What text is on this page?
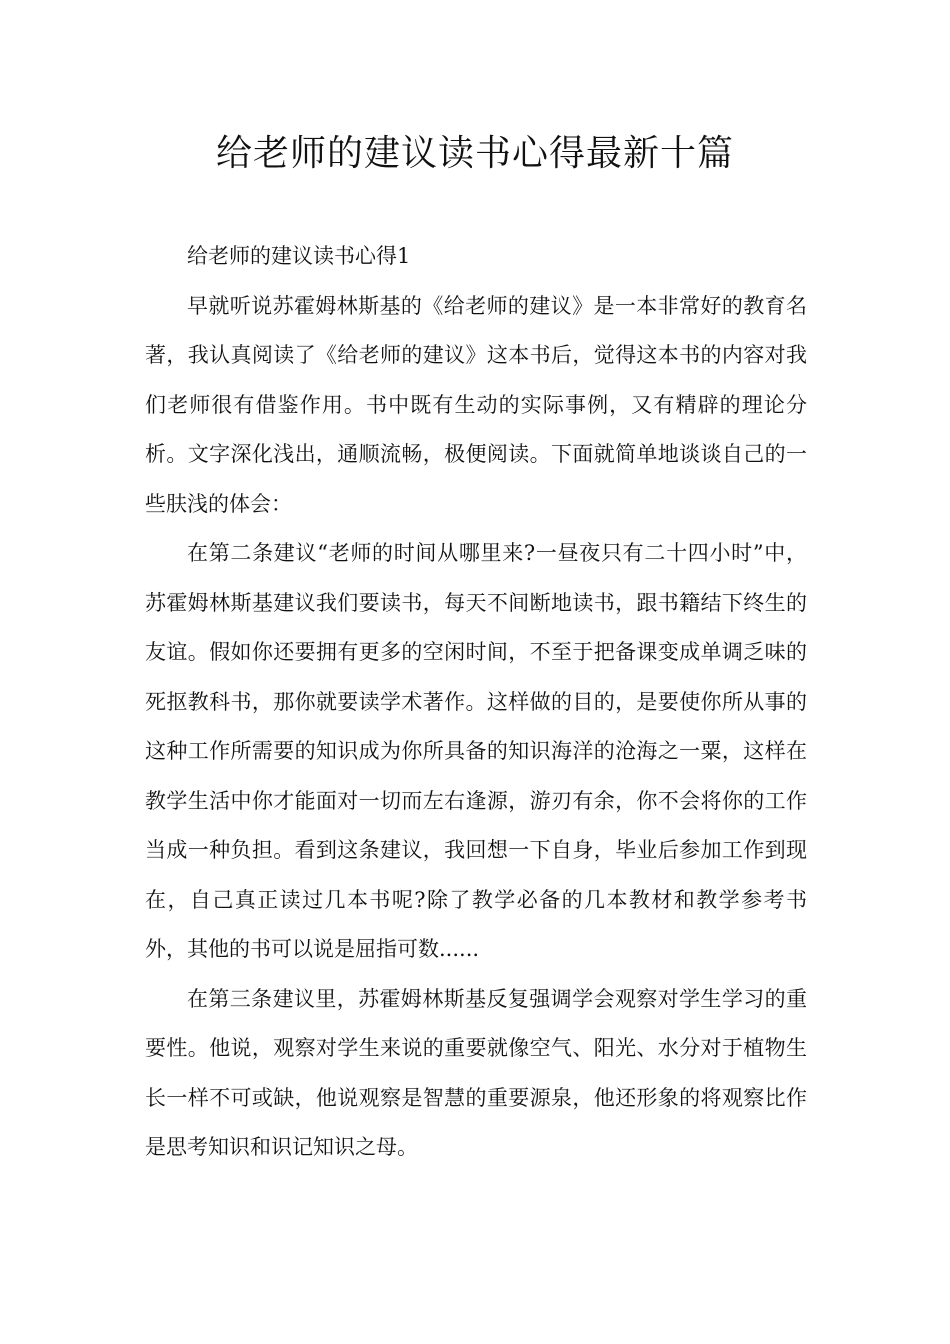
给老师的建议读书心得最新十篇

给老师的建议读书心得1

早就听说苏霍姆林斯基的《给老师的建议》是一本非常好的教育名著，我认真阅读了《给老师的建议》这本书后，觉得这本书的内容对我们老师很有借鉴作用。书中既有生动的实际事例，又有精辟的理论分析。文字深化浅出，通顺流畅，极便阅读。下面就简单地谈谈自己的一些肤浅的体会：

在第二条建议“老师的时间从哪里来?一昼夜只有二十四小时”中，苏霍姆林斯基建议我们要读书，每天不间断地读书，跟书籍结下终生的友谊。假如你还要拥有更多的空闲时间，不至于把备课变成单调乏味的死抠教科书，那你就要读学术著作。这样做的目的，是要使你所从事的这种工作所需要的知识成为你所具备的知识海洋的沧海之一粟，这样在教学生活中你才能面对一切而左右逢源，游刃有余，你不会将你的工作当成一种负担。看到这条建议，我回想一下自身，毕业后参加工作到现在，自己真正读过几本书呢?除了教学必备的几本教材和教学参考书外，其他的书可以说是屈指可数......

在第三条建议里，苏霍姆林斯基反复强调学会观察对学生学习的重要性。他说，观察对学生来说的重要就像空气、阳光、水分对于植物生长一样不可或缺，他说观察是智慧的重要源泉，他还形象的将观察比作是思考知识和识记知识之母。
